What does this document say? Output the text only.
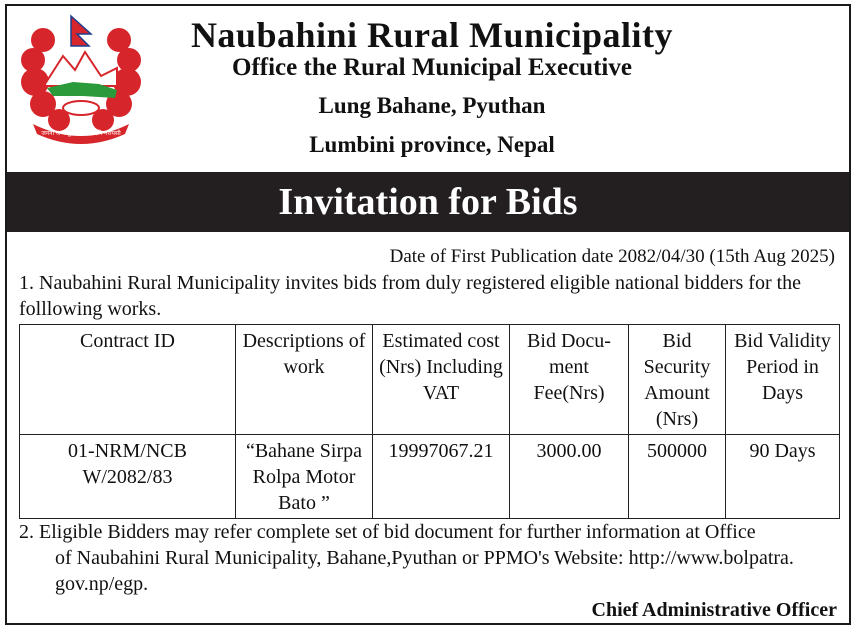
जननी जन्मभूमिश्च स्वर्गादपि गरीयसी
Naubahini Rural Municipality
Office the Rural Municipal Executive
Lung Bahane, Pyuthan
Lumbini province, Nepal
Invitation for Bids
Date of First Publication date 2082/04/30 (15th Aug 2025)
1. Naubahini Rural Municipality invites bids from duly registered eligible national bidders for the folllowing works.
Contract ID	Descriptions of work	Estimated cost (Nrs) Including VAT	Bid Docu-ment Fee(Nrs)	Bid Security Amount (Nrs)	Bid Validity Period in Days
01-NRM/NCB W/2082/83	“Bahane Sirpa Rolpa Motor Bato ”	19997067.21	3000.00	500000	90 Days
2. Eligible Bidders may refer complete set of bid document for further information at Office
of Naubahini Rural Municipality, Bahane,Pyuthan or PPMO's Website: http://www.bolpatra.
gov.np/egp.
Chief Administrative Officer
